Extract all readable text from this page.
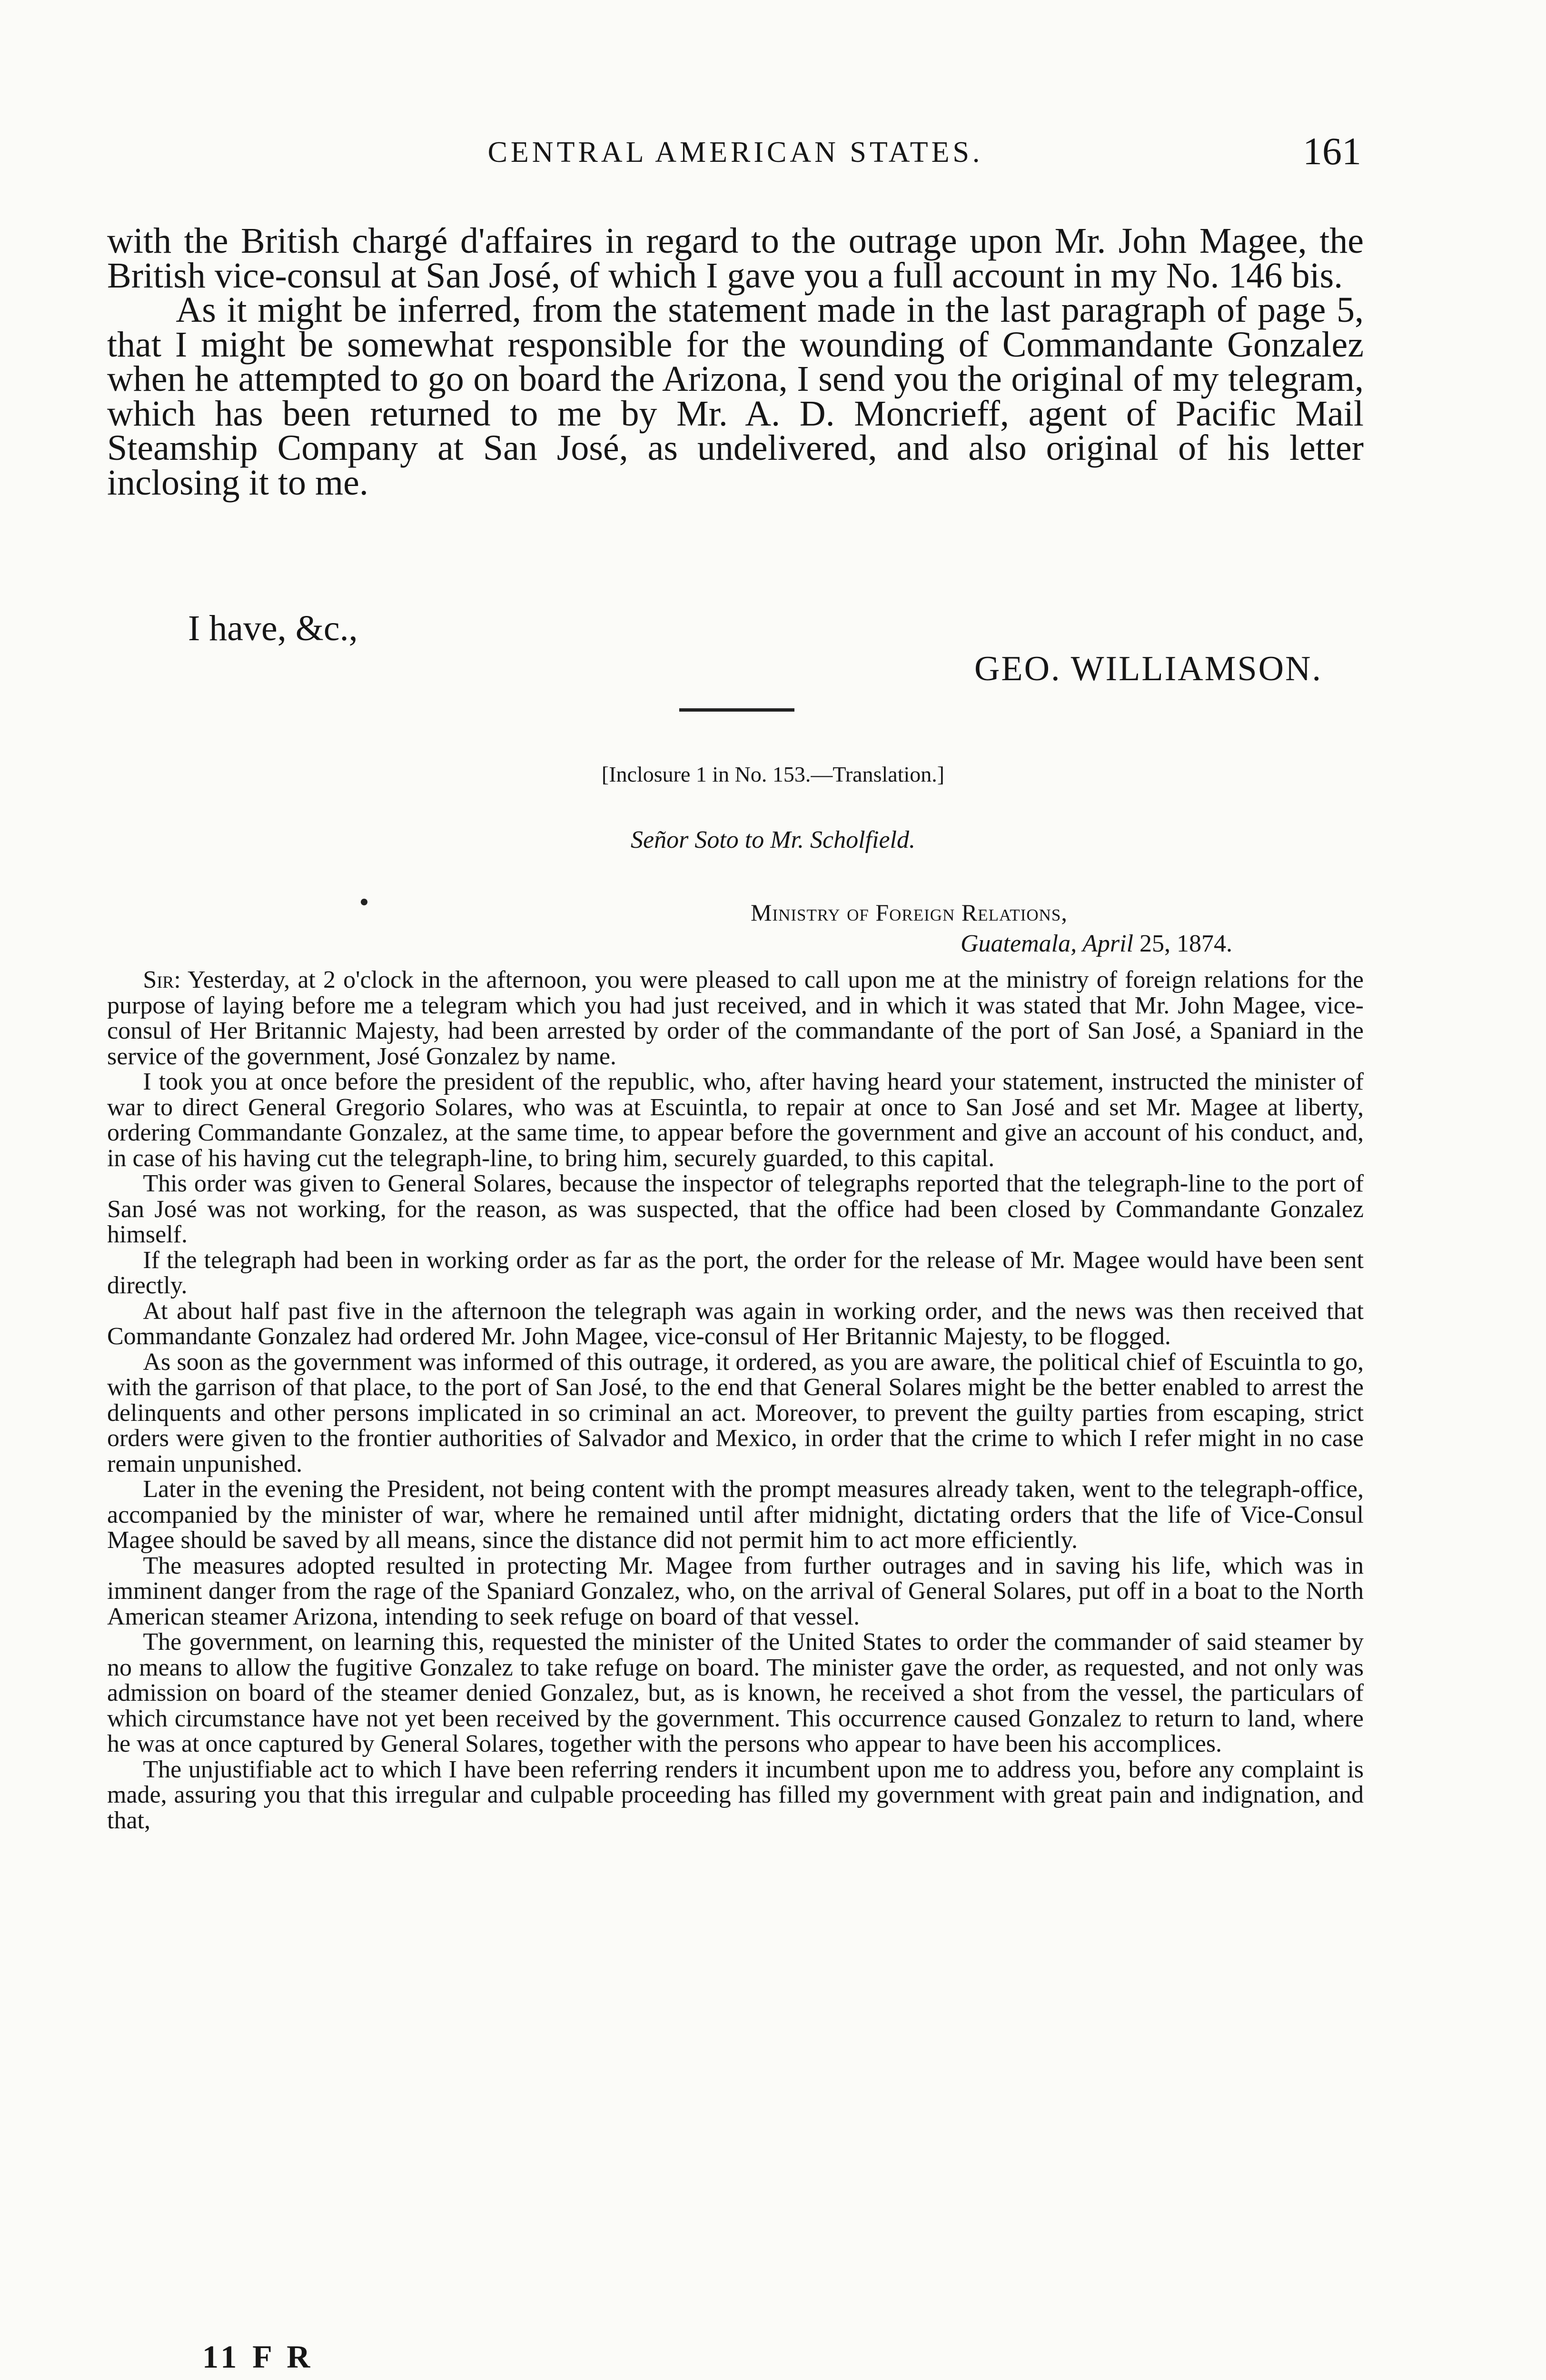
CENTRAL AMERICAN STATES.	161

with the British chargé d'affaires in regard to the outrage upon Mr. John Magee, the British vice-consul at San José, of which I gave you a full account in my No. 146 bis.

As it might be inferred, from the statement made in the last paragraph of page 5, that I might be somewhat responsible for the wounding of Commandante Gonzalez when he attempted to go on board the Arizona, I send you the original of my telegram, which has been returned to me by Mr. A. D. Moncrieff, agent of Pacific Mail Steamship Company at San José, as undelivered, and also original of his letter inclosing it to me.

I have, &c.,
GEO. WILLIAMSON.
[Inclosure 1 in No. 153.—Translation.]
Señor Soto to Mr. Scholfield.
Ministry of Foreign Relations,
Guatemala, April 25, 1874.

Sir: Yesterday, at 2 o'clock in the afternoon, you were pleased to call upon me at the ministry of foreign relations for the purpose of laying before me a telegram which you had just received, and in which it was stated that Mr. John Magee, vice-consul of Her Britannic Majesty, had been arrested by order of the commandante of the port of San José, a Spaniard in the service of the government, José Gonzalez by name.

I took you at once before the president of the republic, who, after having heard your statement, instructed the minister of war to direct General Gregorio Solares, who was at Escuintla, to repair at once to San José and set Mr. Magee at liberty, ordering Commandante Gonzalez, at the same time, to appear before the government and give an account of his conduct, and, in case of his having cut the telegraph-line, to bring him, securely guarded, to this capital.

This order was given to General Solares, because the inspector of telegraphs reported that the telegraph-line to the port of San José was not working, for the reason, as was suspected, that the office had been closed by Commandante Gonzalez himself.

If the telegraph had been in working order as far as the port, the order for the release of Mr. Magee would have been sent directly.

At about half past five in the afternoon the telegraph was again in working order, and the news was then received that Commandante Gonzalez had ordered Mr. John Magee, vice-consul of Her Britannic Majesty, to be flogged.

As soon as the government was informed of this outrage, it ordered, as you are aware, the political chief of Escuintla to go, with the garrison of that place, to the port of San José, to the end that General Solares might be the better enabled to arrest the delinquents and other persons implicated in so criminal an act. Moreover, to prevent the guilty parties from escaping, strict orders were given to the frontier authorities of Salvador and Mexico, in order that the crime to which I refer might in no case remain unpunished.

Later in the evening the President, not being content with the prompt measures already taken, went to the telegraph-office, accompanied by the minister of war, where he remained until after midnight, dictating orders that the life of Vice-Consul Magee should be saved by all means, since the distance did not permit him to act more efficiently.

The measures adopted resulted in protecting Mr. Magee from further outrages and in saving his life, which was in imminent danger from the rage of the Spaniard Gonzalez, who, on the arrival of General Solares, put off in a boat to the North American steamer Arizona, intending to seek refuge on board of that vessel.

The government, on learning this, requested the minister of the United States to order the commander of said steamer by no means to allow the fugitive Gonzalez to take refuge on board. The minister gave the order, as requested, and not only was admission on board of the steamer denied Gonzalez, but, as is known, he received a shot from the vessel, the particulars of which circumstance have not yet been received by the government. This occurrence caused Gonzalez to return to land, where he was at once captured by General Solares, together with the persons who appear to have been his accomplices.

The unjustifiable act to which I have been referring renders it incumbent upon me to address you, before any complaint is made, assuring you that this irregular and culpable proceeding has filled my government with great pain and indignation, and that,

11 F R
